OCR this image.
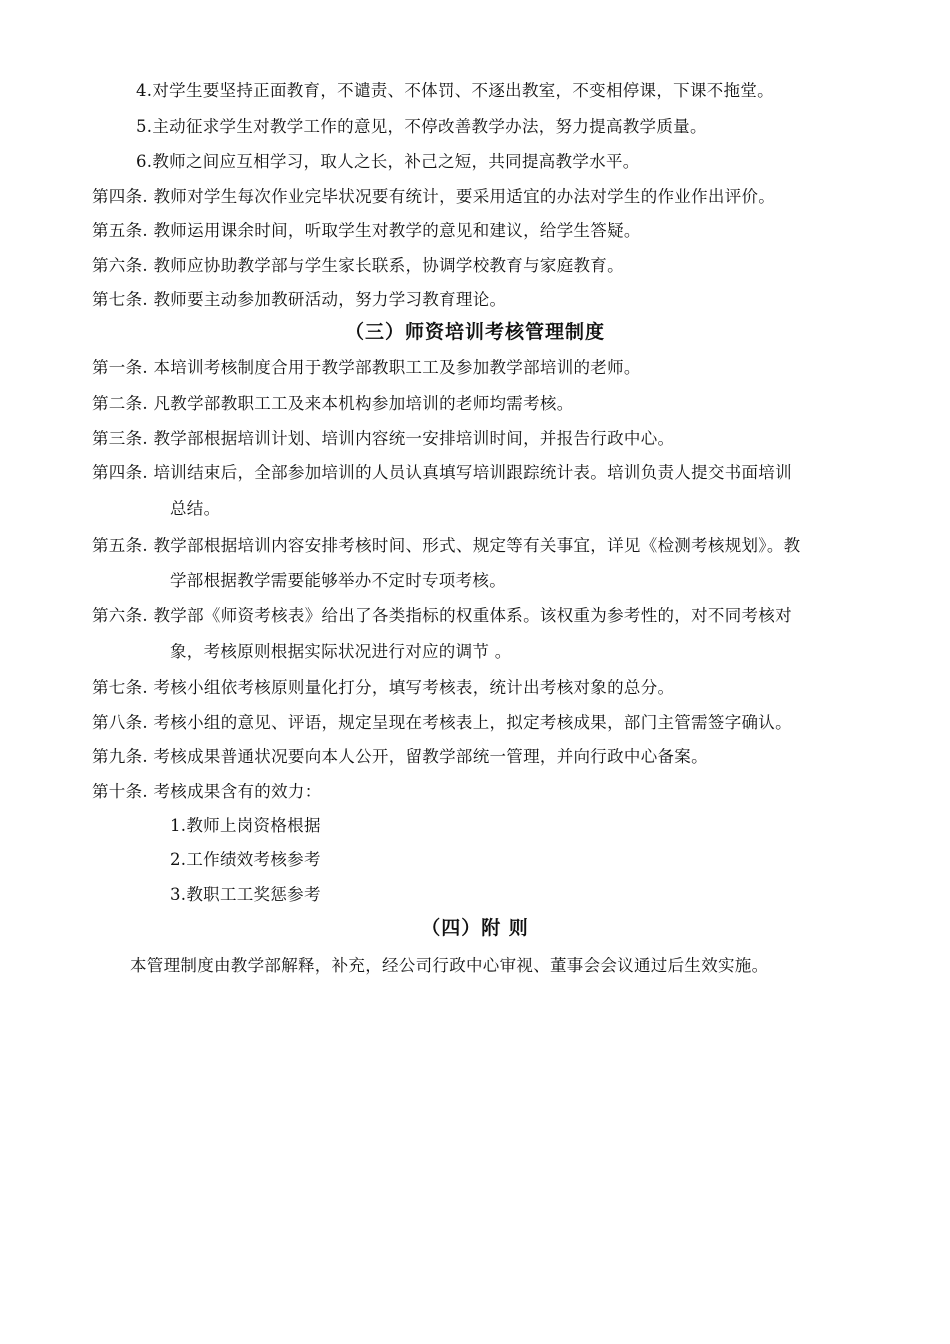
4.对学生要坚持正面教育，不谴责、不体罚、不逐出教室，不变相停课，下课不拖堂。
5.主动征求学生对教学工作的意见，不停改善教学办法，努力提高教学质量。
6.教师之间应互相学习，取人之长，补己之短，共同提高教学水平。
第四条. 教师对学生每次作业完毕状况要有统计，要采用适宜的办法对学生的作业作出评价。
第五条. 教师运用课余时间，听取学生对教学的意见和建议，给学生答疑。
第六条. 教师应协助教学部与学生家长联系，协调学校教育与家庭教育。
第七条. 教师要主动参加教研活动，努力学习教育理论。
（三）师资培训考核管理制度
第一条. 本培训考核制度合用于教学部教职工工及参加教学部培训的老师。
第二条. 凡教学部教职工工及来本机构参加培训的老师均需考核。
第三条. 教学部根据培训计划、培训内容统一安排培训时间，并报告行政中心。
第四条. 培训结束后，全部参加培训的人员认真填写培训跟踪统计表。培训负责人提交书面培训
总结。
第五条. 教学部根据培训内容安排考核时间、形式、规定等有关事宜，详见《检测考核规划》。教
学部根据教学需要能够举办不定时专项考核。
第六条. 教学部《师资考核表》给出了各类指标的权重体系。该权重为参考性的，对不同考核对
象，考核原则根据实际状况进行对应的调节 。
第七条. 考核小组依考核原则量化打分，填写考核表，统计出考核对象的总分。
第八条. 考核小组的意见、评语，规定呈现在考核表上，拟定考核成果，部门主管需签字确认。
第九条. 考核成果普通状况要向本人公开，留教学部统一管理，并向行政中心备案。
第十条. 考核成果含有的效力：
1.教师上岗资格根据
2.工作绩效考核参考
3.教职工工奖惩参考
（四）附 则
本管理制度由教学部解释，补充，经公司行政中心审视、董事会会议通过后生效实施。
